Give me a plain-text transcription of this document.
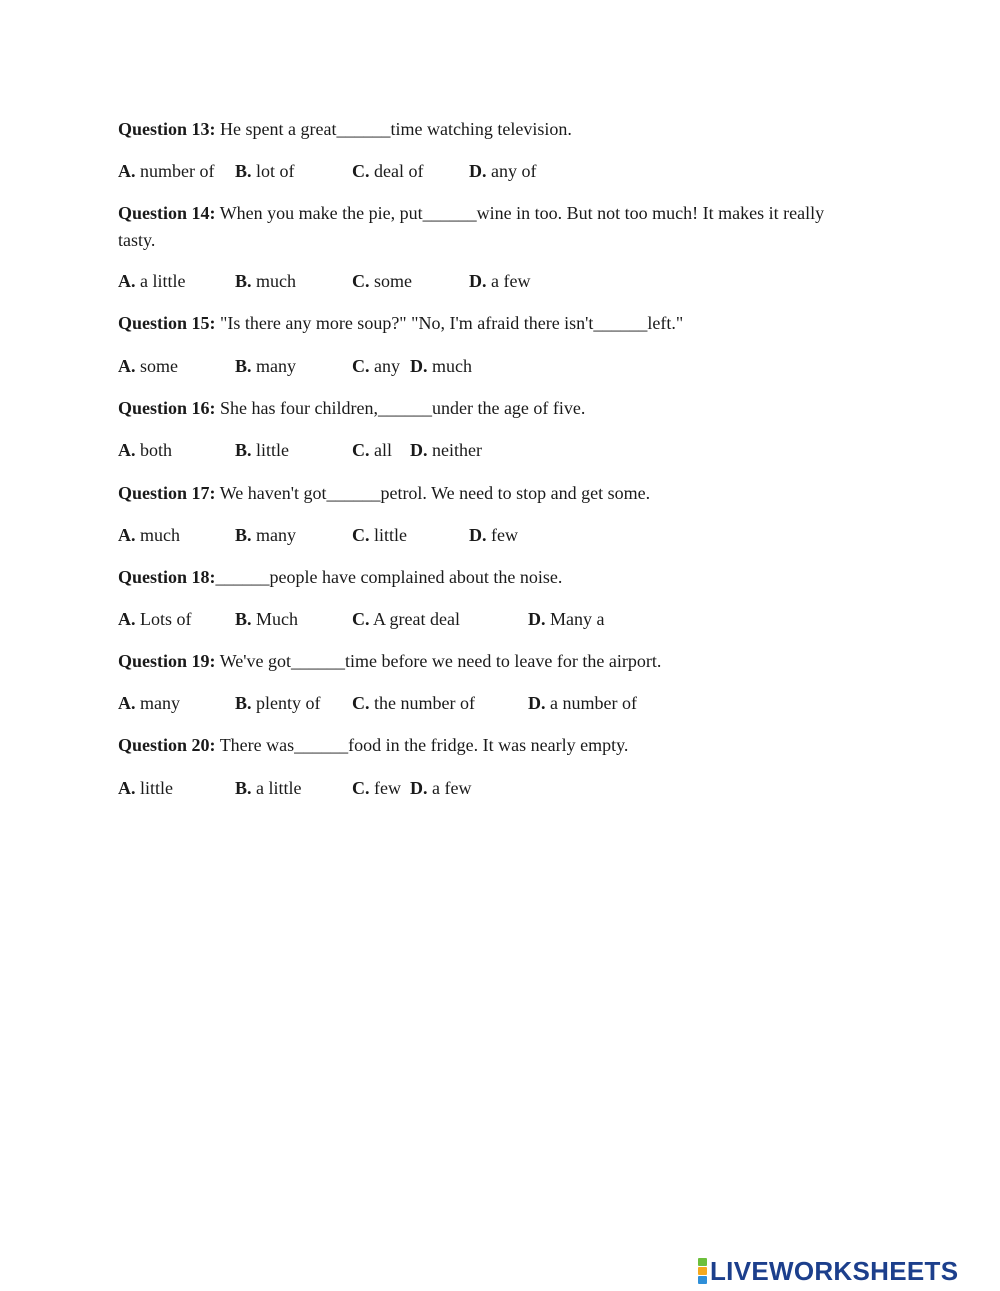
Question 13: He spent a great______time watching television.
A. number of B. lot of	C. deal of	D. any of
Question 14: When you make the pie, put______wine in too. But not too much! It makes it really tasty.
A. a little	B. much	C. some	D. a few
Question 15: "Is there any more soup?" "No, I'm afraid there isn't______left."
A. some	B. many	C. any D. much
Question 16: She has four children,______under the age of five.
A. both	B. little	C. all D. neither
Question 17: We haven't got______petrol. We need to stop and get some.
A. much	B. many	C. little	D. few
Question 18:______people have complained about the noise.
A. Lots of B. Much	C. A great deal	D. Many a
Question 19: We've got______time before we need to leave for the airport.
A. many	B. plenty of C. the number of	D. a number of
Question 20: There was______food in the fridge. It was nearly empty.
A. little	B. a little	C. few D. a few
LIVEWORKSHEETS
